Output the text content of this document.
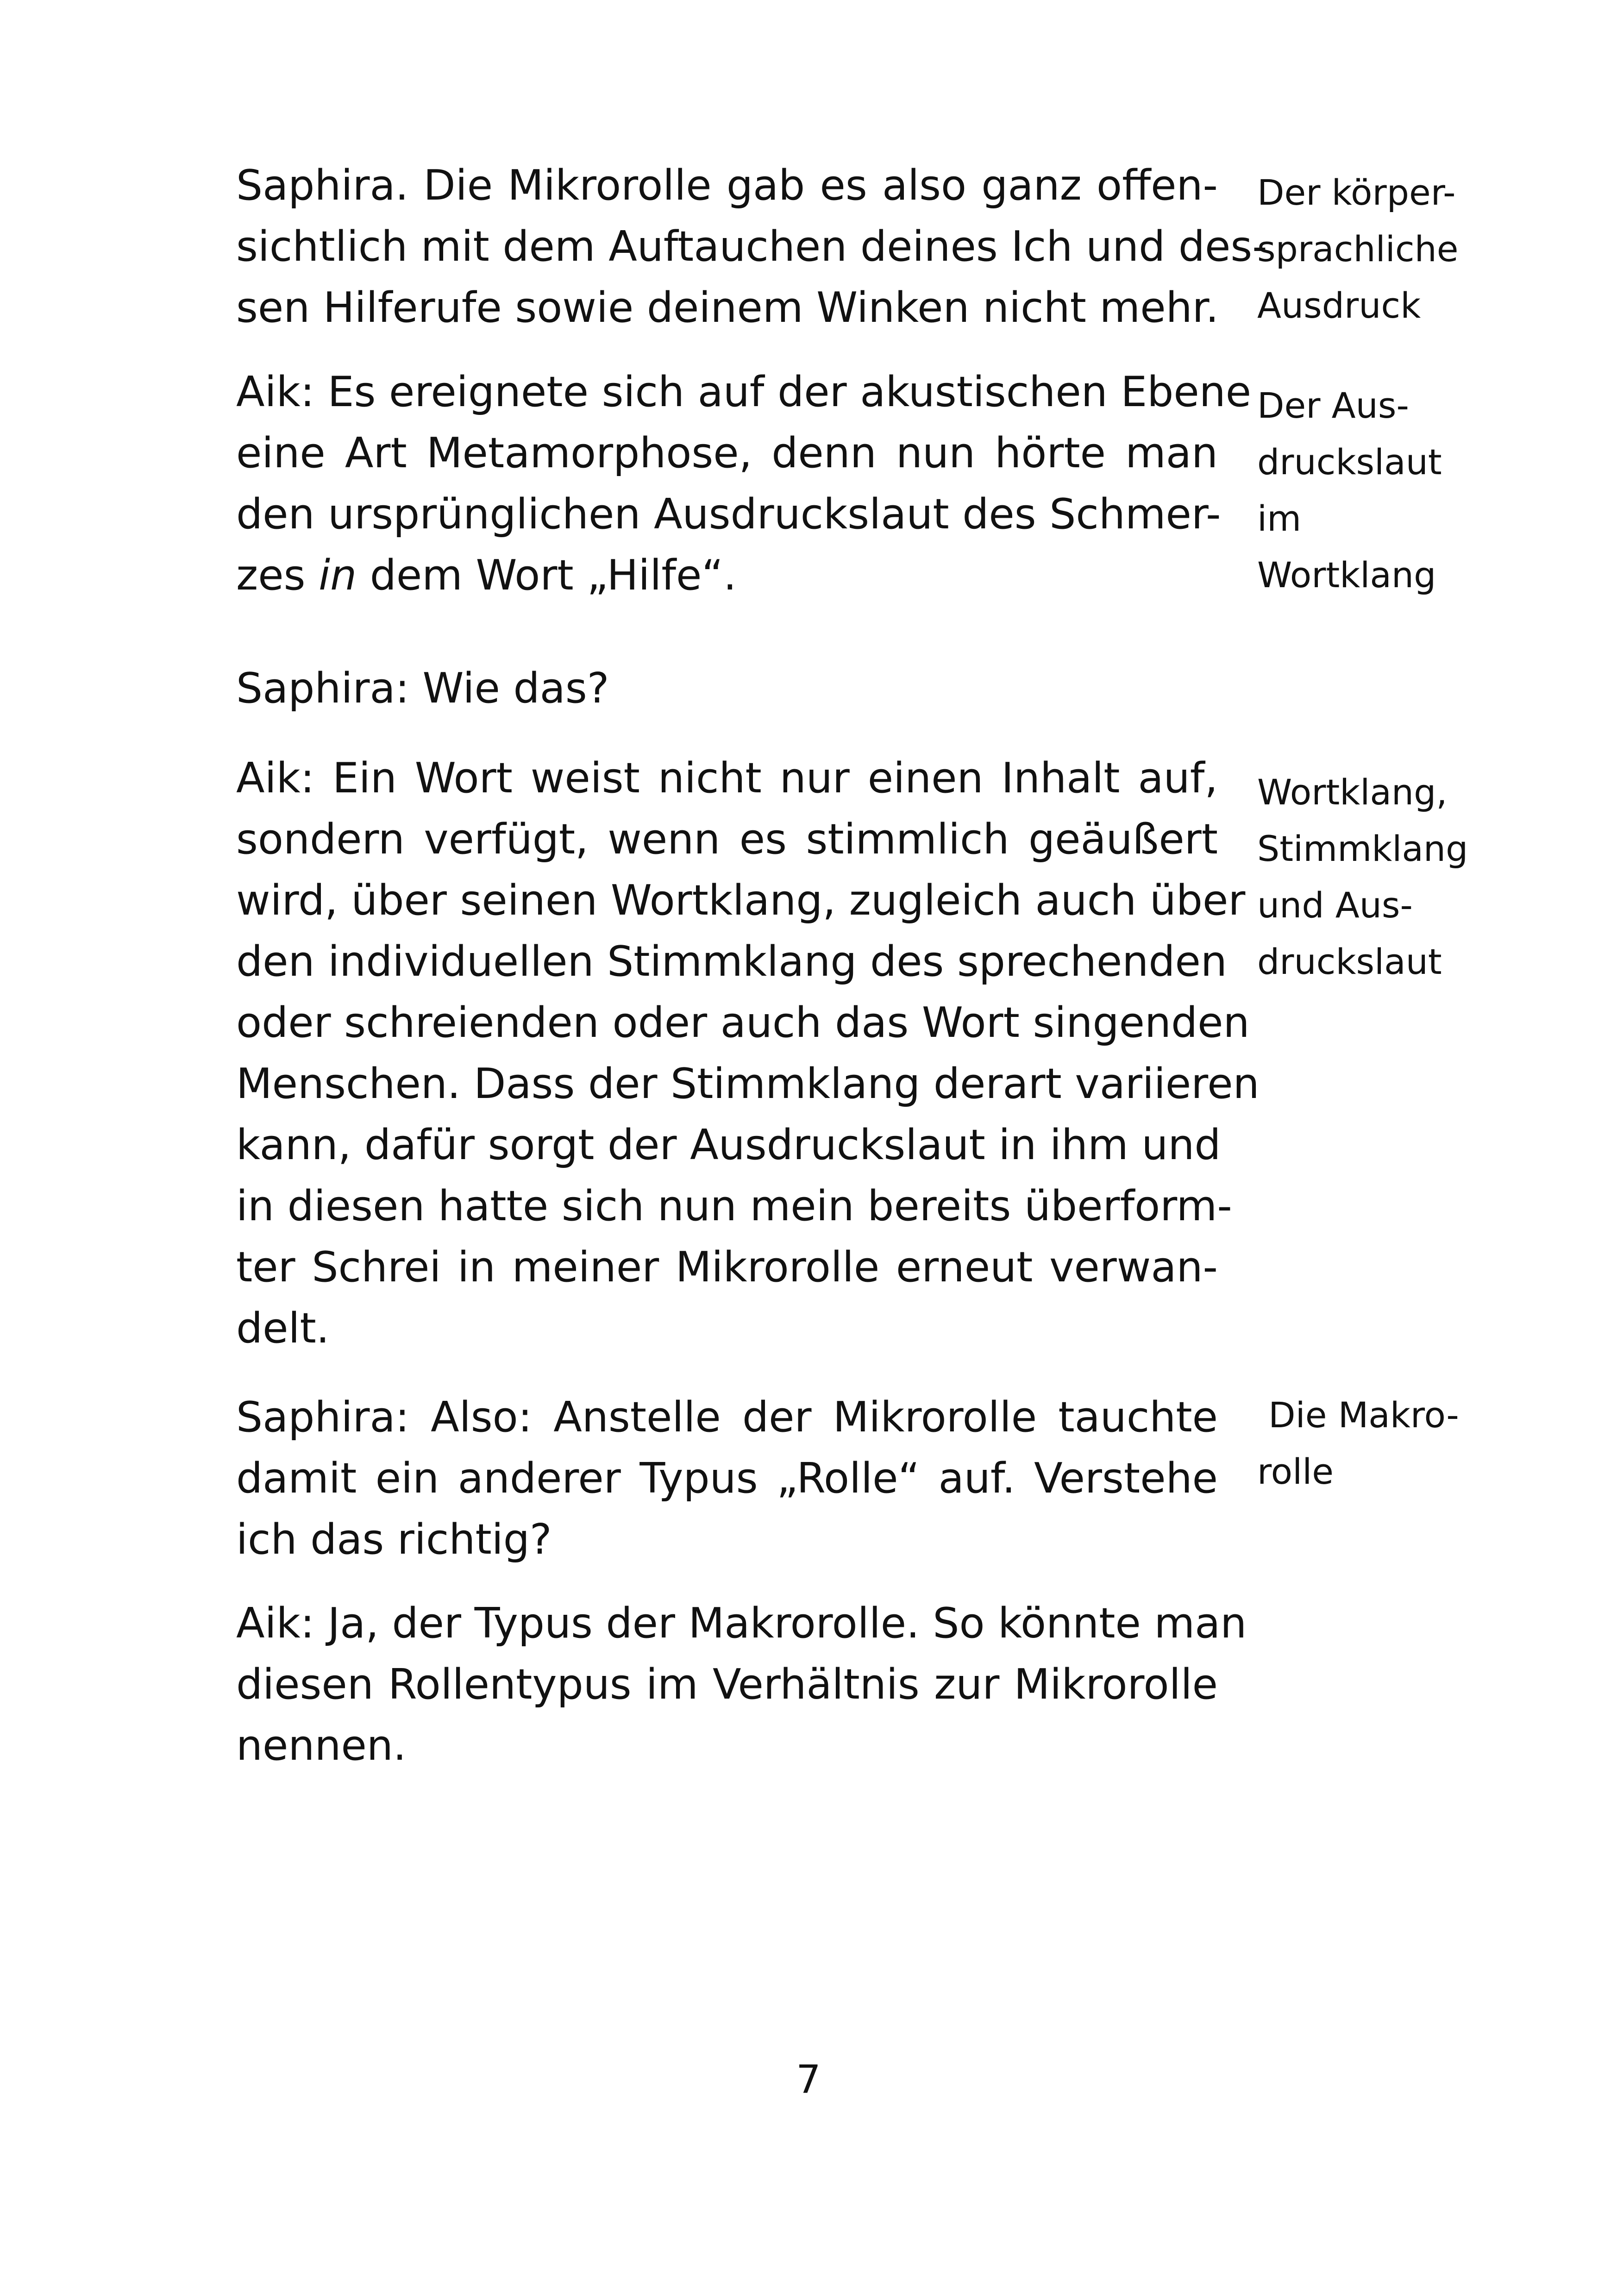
Saphira. Die Mikrorolle gab es also ganz offen-
sichtlich mit dem Auftauchen deines Ich und des-
sen Hilferufe sowie deinem Winken nicht mehr.
Aik: Es ereignete sich auf der akustischen Ebene
eine Art Metamorphose, denn nun hörte man
den ursprünglichen Ausdruckslaut des Schmer-
zes in dem Wort „Hilfe“.
Saphira: Wie das?
Aik: Ein Wort weist nicht nur einen Inhalt auf,
sondern verfügt, wenn es stimmlich geäußert
wird, über seinen Wortklang, zugleich auch über
den individuellen Stimmklang des sprechenden
oder schreienden oder auch das Wort singenden
Menschen. Dass der Stimmklang derart variieren
kann, dafür sorgt der Ausdruckslaut in ihm und
in diesen hatte sich nun mein bereits überform-
ter Schrei in meiner Mikrorolle erneut verwan-
delt.
Saphira: Also: Anstelle der Mikrorolle tauchte
damit ein anderer Typus „Rolle“ auf. Verstehe
ich das richtig?
Aik: Ja, der Typus der Makrorolle. So könnte man
diesen Rollentypus im Verhältnis zur Mikrorolle
nennen.
Der körper-
sprachliche
Ausdruck
Der Aus-
druckslaut
im
Wortklang
Wortklang,
Stimmklang
und Aus-
druckslaut
Die Makro-
rolle
7
